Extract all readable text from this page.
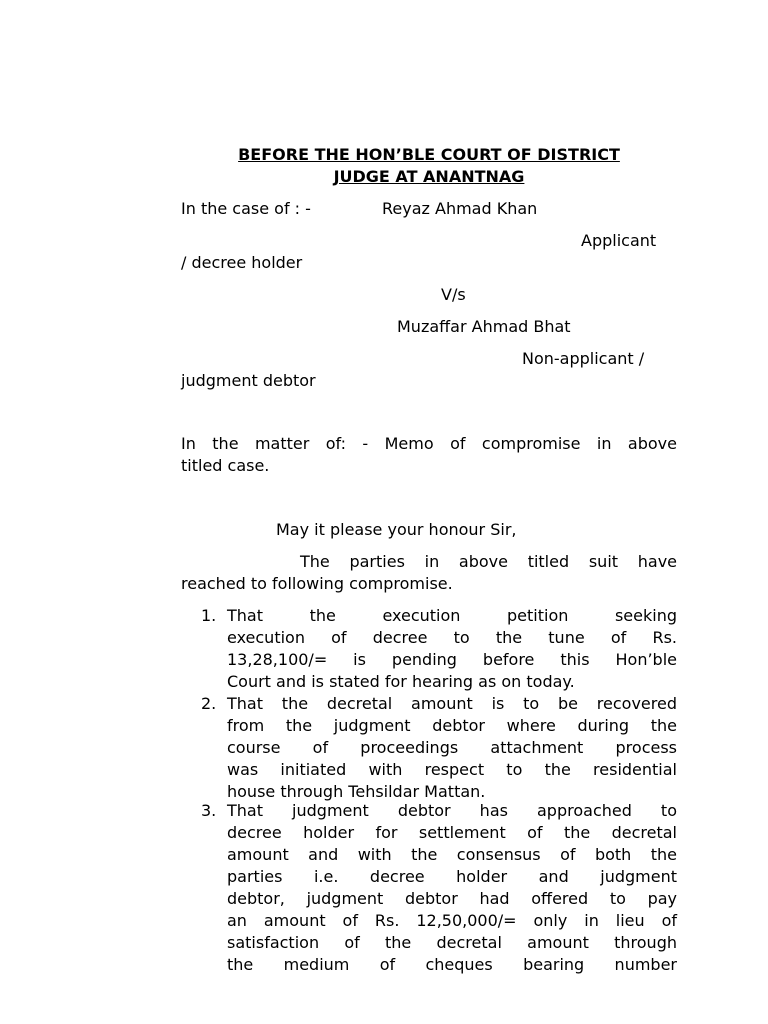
BEFORE THE HON’BLE COURT OF DISTRICT
JUDGE AT ANANTNAG
In the case of : -	Reyaz Ahmad Khan
Applicant
/ decree holder
V/s
Muzaffar Ahmad Bhat
Non-applicant /
judgment debtor
In the matter of: - Memo of compromise in above
titled case.
May it please your honour Sir,
The parties in above titled suit have
reached to following compromise.
1. That the execution petition seeking
execution of decree to the tune of Rs.
13,28,100/= is pending before this Hon’ble
Court and is stated for hearing as on today.
2. That the decretal amount is to be recovered
from the judgment debtor where during the
course of proceedings attachment process
was initiated with respect to the residential
house through Tehsildar Mattan.
3. That judgment debtor has approached to
decree holder for settlement of the decretal
amount and with the consensus of both the
parties i.e. decree holder and judgment
debtor, judgment debtor had offered to pay
an amount of Rs. 12,50,000/= only in lieu of
satisfaction of the decretal amount through
the medium of cheques bearing number
